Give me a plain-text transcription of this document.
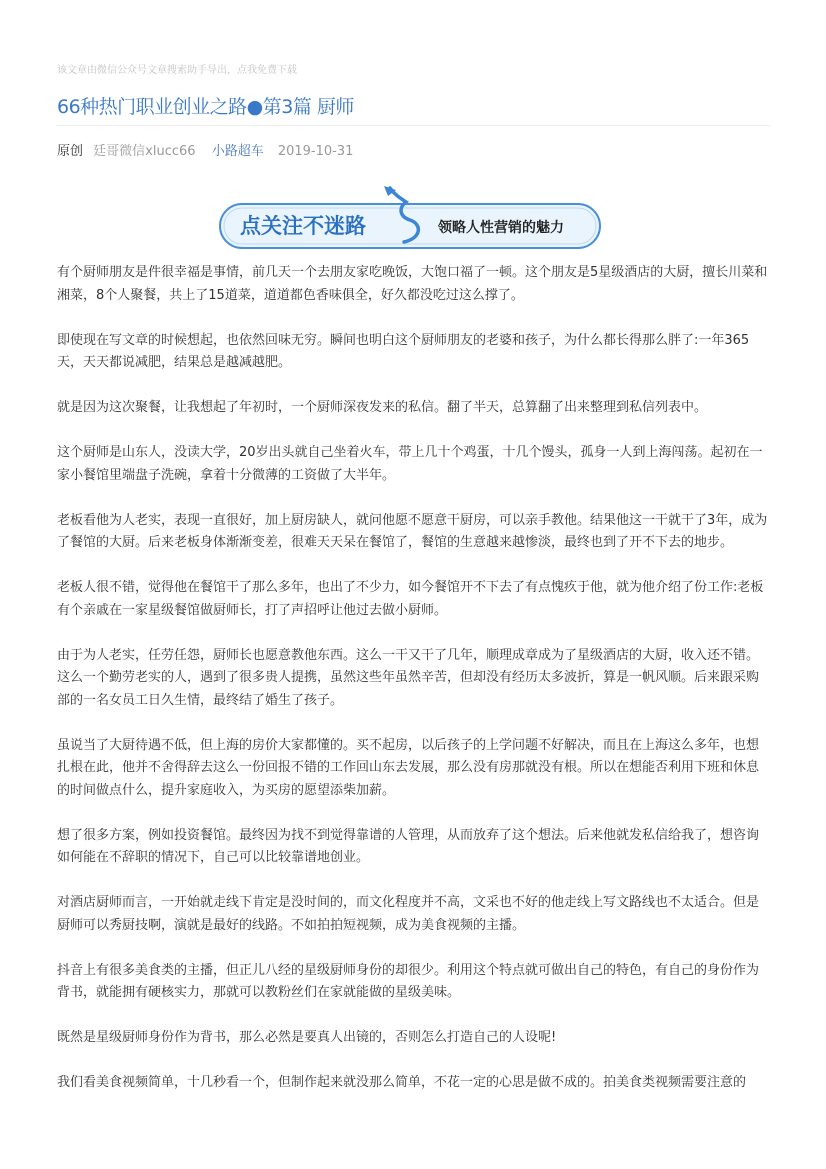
该文章由微信公众号文章搜索助手导出，点我免费下载
66种热门职业创业之路●第3篇 厨师
原创 廷哥微信xlucc66 小路超车 2019-10-31
点关注不迷路	领略人性营销的魅力

有个厨师朋友是件很幸福是事情，前几天一个去朋友家吃晚饭，大饱口福了一顿。这个朋友是5星级酒店的大厨，擅长川菜和湘菜，8个人聚餐，共上了15道菜，道道都色香味俱全，好久都没吃过这么撑了。

即使现在写文章的时候想起，也依然回味无穷。瞬间也明白这个厨师朋友的老婆和孩子，为什么都长得那么胖了:一年365天，天天都说减肥，结果总是越减越肥。

就是因为这次聚餐，让我想起了年初时，一个厨师深夜发来的私信。翻了半天，总算翻了出来整理到私信列表中。

这个厨师是山东人，没读大学，20岁出头就自己坐着火车，带上几十个鸡蛋，十几个馒头，孤身一人到上海闯荡。起初在一家小餐馆里端盘子洗碗，拿着十分微薄的工资做了大半年。

老板看他为人老实，表现一直很好，加上厨房缺人，就问他愿不愿意干厨房，可以亲手教他。结果他这一干就干了3年，成为了餐馆的大厨。后来老板身体渐渐变差，很难天天呆在餐馆了，餐馆的生意越来越惨淡，最终也到了开不下去的地步。

老板人很不错，觉得他在餐馆干了那么多年，也出了不少力，如今餐馆开不下去了有点愧疚于他，就为他介绍了份工作:老板有个亲戚在一家星级餐馆做厨师长，打了声招呼让他过去做小厨师。

由于为人老实，任劳任怨，厨师长也愿意教他东西。这么一干又干了几年，顺理成章成为了星级酒店的大厨，收入还不错。这么一个勤劳老实的人，遇到了很多贵人提携，虽然这些年虽然辛苦，但却没有经历太多波折，算是一帆风顺。后来跟采购部的一名女员工日久生情，最终结了婚生了孩子。

虽说当了大厨待遇不低，但上海的房价大家都懂的。买不起房，以后孩子的上学问题不好解决，而且在上海这么多年，也想扎根在此，他并不舍得辞去这么一份回报不错的工作回山东去发展，那么没有房那就没有根。所以在想能否利用下班和休息的时间做点什么，提升家庭收入，为买房的愿望添柴加薪。

想了很多方案，例如投资餐馆。最终因为找不到觉得靠谱的人管理，从而放弃了这个想法。后来他就发私信给我了，想咨询如何能在不辞职的情况下，自己可以比较靠谱地创业。

对酒店厨师而言，一开始就走线下肯定是没时间的，而文化程度并不高，文采也不好的他走线上写文路线也不太适合。但是厨师可以秀厨技啊，演就是最好的线路。不如拍拍短视频，成为美食视频的主播。

抖音上有很多美食类的主播，但正儿八经的星级厨师身份的却很少。利用这个特点就可做出自己的特色，有自己的身份作为背书，就能拥有硬核实力，那就可以教粉丝们在家就能做的星级美味。

既然是星级厨师身份作为背书，那么必然是要真人出镜的，否则怎么打造自己的人设呢!

我们看美食视频简单，十几秒看一个，但制作起来就没那么简单，不花一定的心思是做不成的。拍美食类视频需要注意的
